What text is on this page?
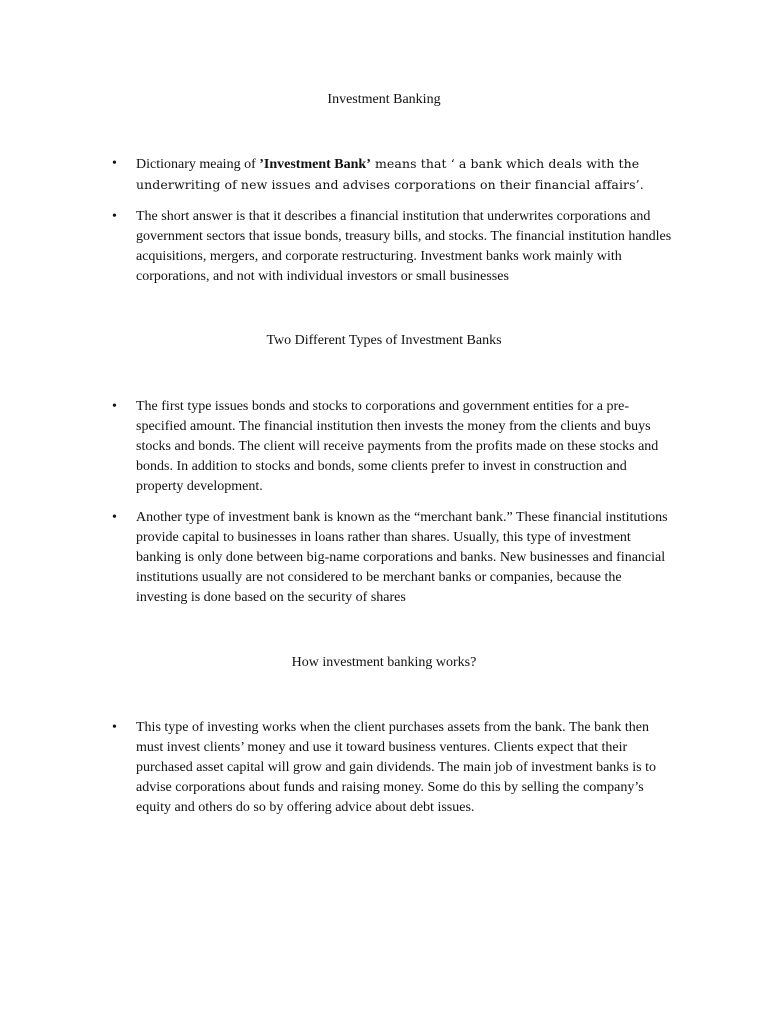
Investment Banking
•	Dictionary meaing of ’Investment Bank’ means that ‘ a bank which deals with the underwriting of new issues and advises corporations on their financial affairs’.
•	The short answer is that it describes a financial institution that underwrites corporations and government sectors that issue bonds, treasury bills, and stocks. The financial institution handles acquisitions, mergers, and corporate restructuring. Investment banks work mainly with corporations, and not with individual investors or small businesses
Two Different Types of Investment Banks
•	The first type issues bonds and stocks to corporations and government entities for a pre-specified amount. The financial institution then invests the money from the clients and buys stocks and bonds. The client will receive payments from the profits made on these stocks and bonds. In addition to stocks and bonds, some clients prefer to invest in construction and property development.
•	Another type of investment bank is known as the “merchant bank.” These financial institutions provide capital to businesses in loans rather than shares. Usually, this type of investment banking is only done between big-name corporations and banks. New businesses and financial institutions usually are not considered to be merchant banks or companies, because the investing is done based on the security of shares
How investment banking works?
•	This type of investing works when the client purchases assets from the bank. The bank then must invest clients’ money and use it toward business ventures. Clients expect that their purchased asset capital will grow and gain dividends. The main job of investment banks is to advise corporations about funds and raising money. Some do this by selling the company’s equity and others do so by offering advice about debt issues.
